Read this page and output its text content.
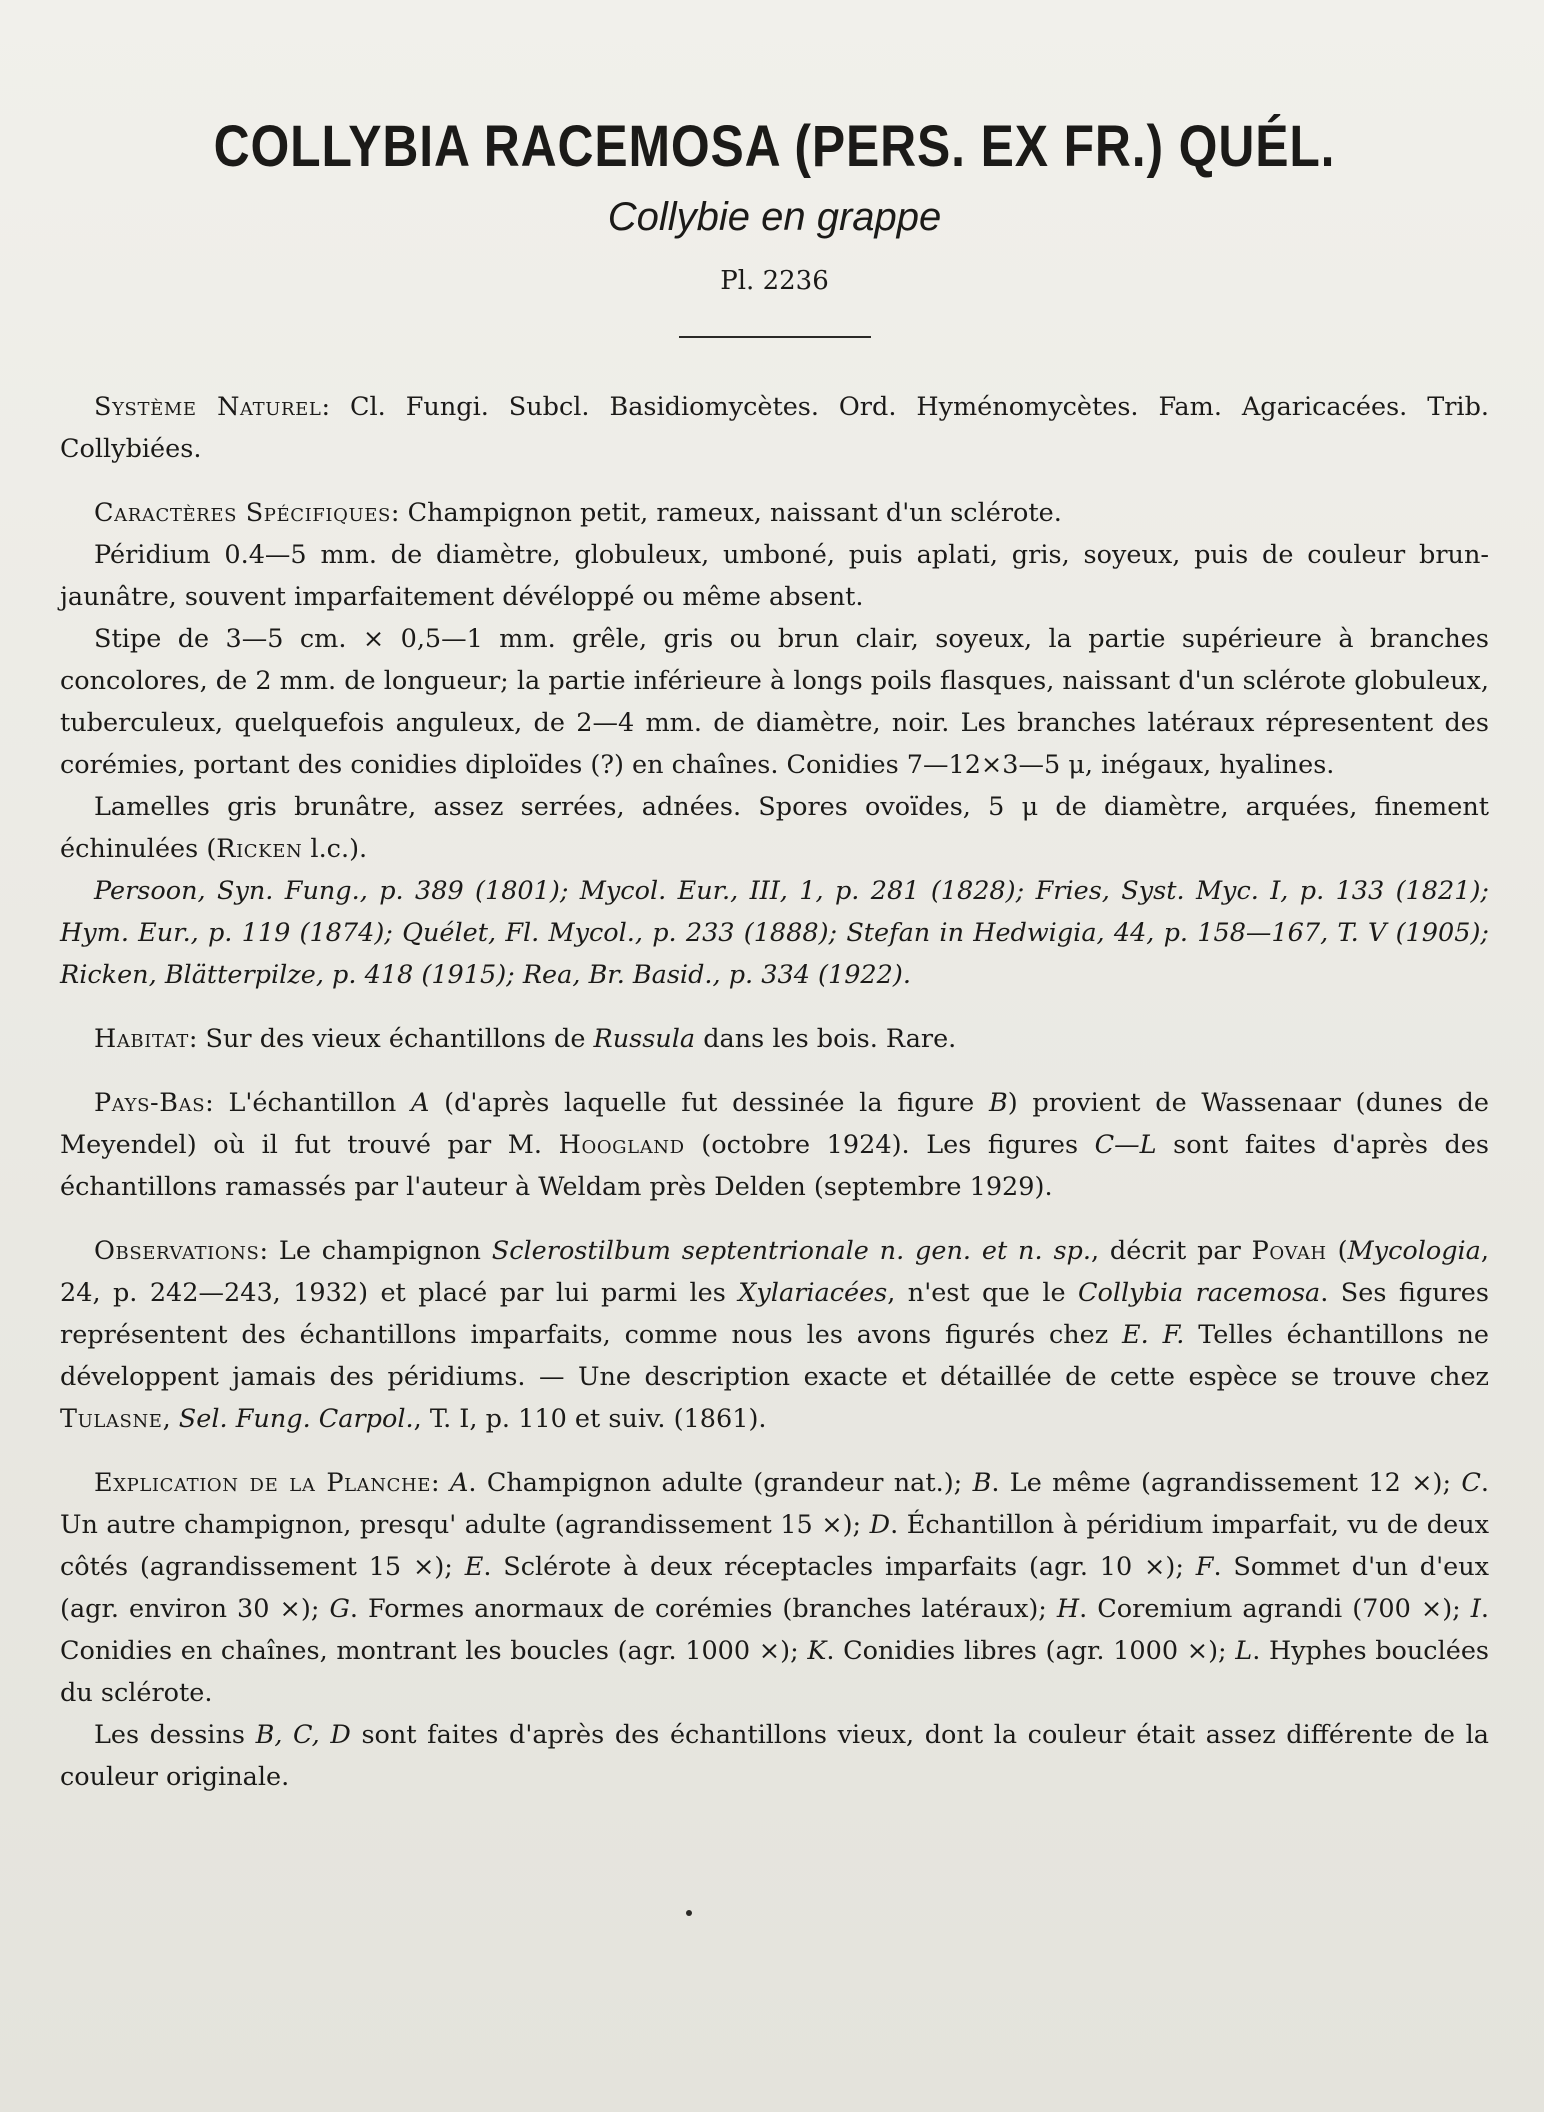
COLLYBIA RACEMOSA (PERS. EX FR.) QUÉL.
Collybie en grappe
Pl. 2236

Système Naturel: Cl. Fungi. Subcl. Basidiomycètes. Ord. Hyménomycètes. Fam. Agaricacées. Trib. Collybiées.

Caractères Spécifiques: Champignon petit, rameux, naissant d'un sclérote.

Péridium 0.4—5 mm. de diamètre, globuleux, umboné, puis aplati, gris, soyeux, puis de couleur brun-jaunâtre, souvent imparfaitement dévéloppé ou même absent.

Stipe de 3—5 cm. × 0,5—1 mm. grêle, gris ou brun clair, soyeux, la partie supérieure à branches concolores, de 2 mm. de longueur; la partie inférieure à longs poils flasques, naissant d'un sclérote globuleux, tuberculeux, quelquefois anguleux, de 2—4 mm. de diamètre, noir. Les branches latéraux répresentent des corémies, portant des conidies diploïdes (?) en chaînes. Conidies 7—12×3—5 μ, inégaux, hyalines.

Lamelles gris brunâtre, assez serrées, adnées. Spores ovoïdes, 5 μ de diamètre, arquées, finement échinulées (Ricken l.c.).

Persoon, Syn. Fung., p. 389 (1801); Mycol. Eur., III, 1, p. 281 (1828); Fries, Syst. Myc. I, p. 133 (1821); Hym. Eur., p. 119 (1874); Quélet, Fl. Mycol., p. 233 (1888); Stefan in Hedwigia, 44, p. 158—167, T. V (1905); Ricken, Blätterpilze, p. 418 (1915); Rea, Br. Basid., p. 334 (1922).

Habitat: Sur des vieux échantillons de Russula dans les bois. Rare.

Pays-Bas: L'échantillon A (d'après laquelle fut dessinée la figure B) provient de Wassenaar (dunes de Meyendel) où il fut trouvé par M. Hoogland (octobre 1924). Les figures C—L sont faites d'après des échantillons ramassés par l'auteur à Weldam près Delden (septembre 1929).

Observations: Le champignon Sclerostilbum septentrionale n. gen. et n. sp., décrit par Povah (Mycologia, 24, p. 242—243, 1932) et placé par lui parmi les Xylariacées, n'est que le Collybia racemosa. Ses figures représentent des échantillons imparfaits, comme nous les avons figurés chez E. F. Telles échantillons ne développent jamais des péridiums. — Une description exacte et détaillée de cette espèce se trouve chez Tulasne, Sel. Fung. Carpol., T. I, p. 110 et suiv. (1861).

Explication de la Planche: A. Champignon adulte (grandeur nat.); B. Le même (agrandissement 12 ×); C. Un autre champignon, presqu' adulte (agrandissement 15 ×); D. Échantillon à péridium imparfait, vu de deux côtés (agrandissement 15 ×); E. Sclérote à deux réceptacles imparfaits (agr. 10 ×); F. Sommet d'un d'eux (agr. environ 30 ×); G. Formes anormaux de corémies (branches latéraux); H. Coremium agrandi (700 ×); I. Conidies en chaînes, montrant les boucles (agr. 1000 ×); K. Conidies libres (agr. 1000 ×); L. Hyphes bouclées du sclérote.

Les dessins B, C, D sont faites d'après des échantillons vieux, dont la couleur était assez différente de la couleur originale.
